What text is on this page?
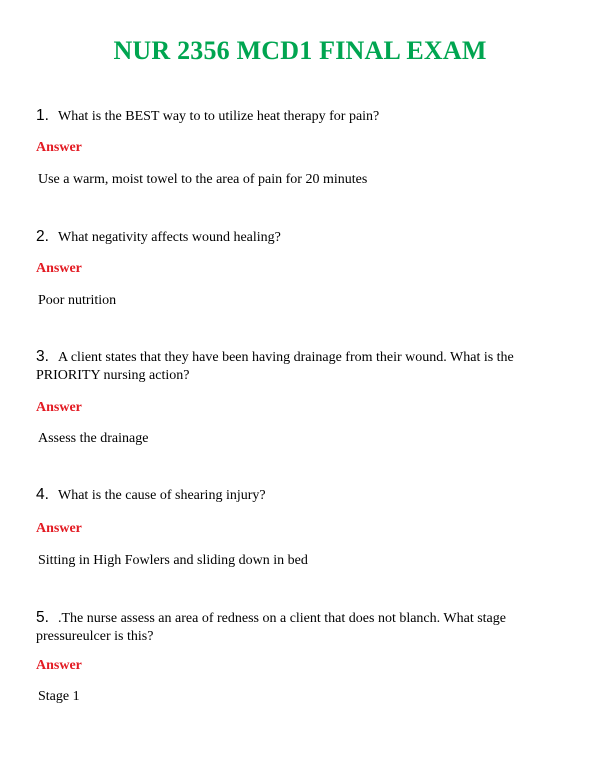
NUR 2356 MCD1 FINAL EXAM

1. What is the BEST way to to utilize heat therapy for pain?

Answer

Use a warm, moist towel to the area of pain for 20 minutes

2. What negativity affects wound healing?

Answer

Poor nutrition

3. A client states that they have been having drainage from their wound. What is the PRIORITY nursing action?

Answer

Assess the drainage

4. What is the cause of shearing injury?

Answer

Sitting in High Fowlers and sliding down in bed

5. .The nurse assess an area of redness on a client that does not blanch. What stage pressureulcer is this?

Answer

Stage 1
